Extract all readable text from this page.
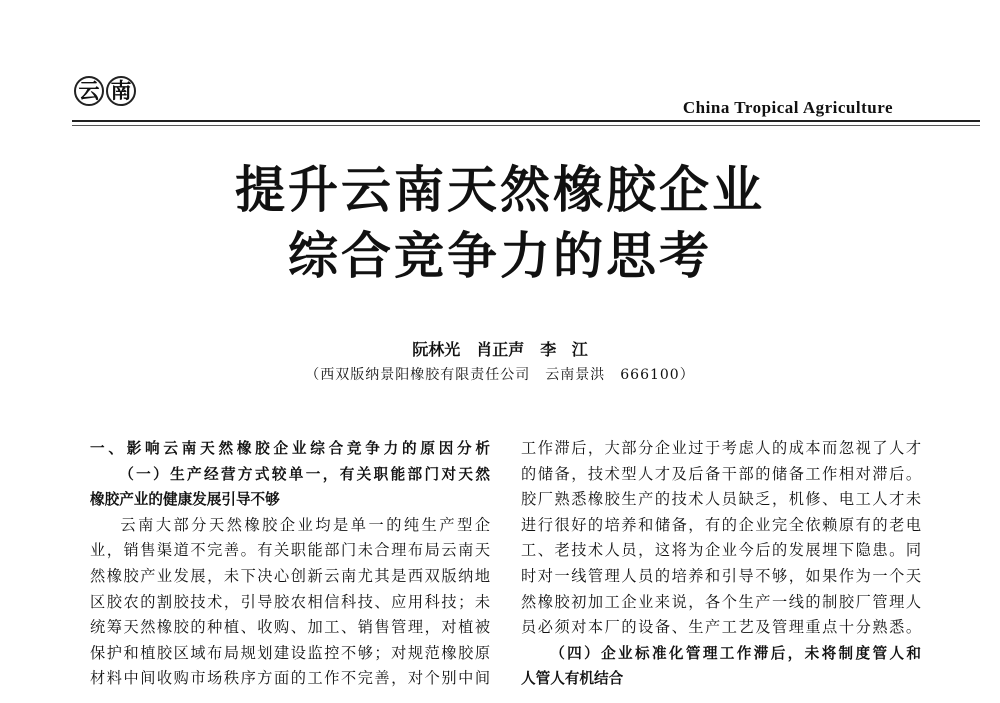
云 南
China Tropical Agriculture
提升云南天然橡胶企业
综合竞争力的思考
阮林光　肖正声　李 江
（西双版纳景阳橡胶有限责任公司　云南景洪　666100）

一、影响云南天然橡胶企业综合竞争力的原因分析

（一）生产经营方式较单一，有关职能部门对天然

橡胶产业的健康发展引导不够

云南大部分天然橡胶企业均是单一的纯生产型企

业，销售渠道不完善。有关职能部门未合理布局云南天

然橡胶产业发展，未下决心创新云南尤其是西双版纳地

区胶农的割胶技术，引导胶农相信科技、应用科技；未

统筹天然橡胶的种植、收购、加工、销售管理，对植被

保护和植胶区域布局规划建设监控不够；对规范橡胶原

材料中间收购市场秩序方面的工作不完善，对个别中间

工作滞后，大部分企业过于考虑人的成本而忽视了人才

的储备，技术型人才及后备干部的储备工作相对滞后。

胶厂熟悉橡胶生产的技术人员缺乏，机修、电工人才未

进行很好的培养和储备，有的企业完全依赖原有的老电

工、老技术人员，这将为企业今后的发展埋下隐患。同

时对一线管理人员的培养和引导不够，如果作为一个天

然橡胶初加工企业来说，各个生产一线的制胶厂管理人

员必须对本厂的设备、生产工艺及管理重点十分熟悉。

（四）企业标准化管理工作滞后，未将制度管人和

人管人有机结合
